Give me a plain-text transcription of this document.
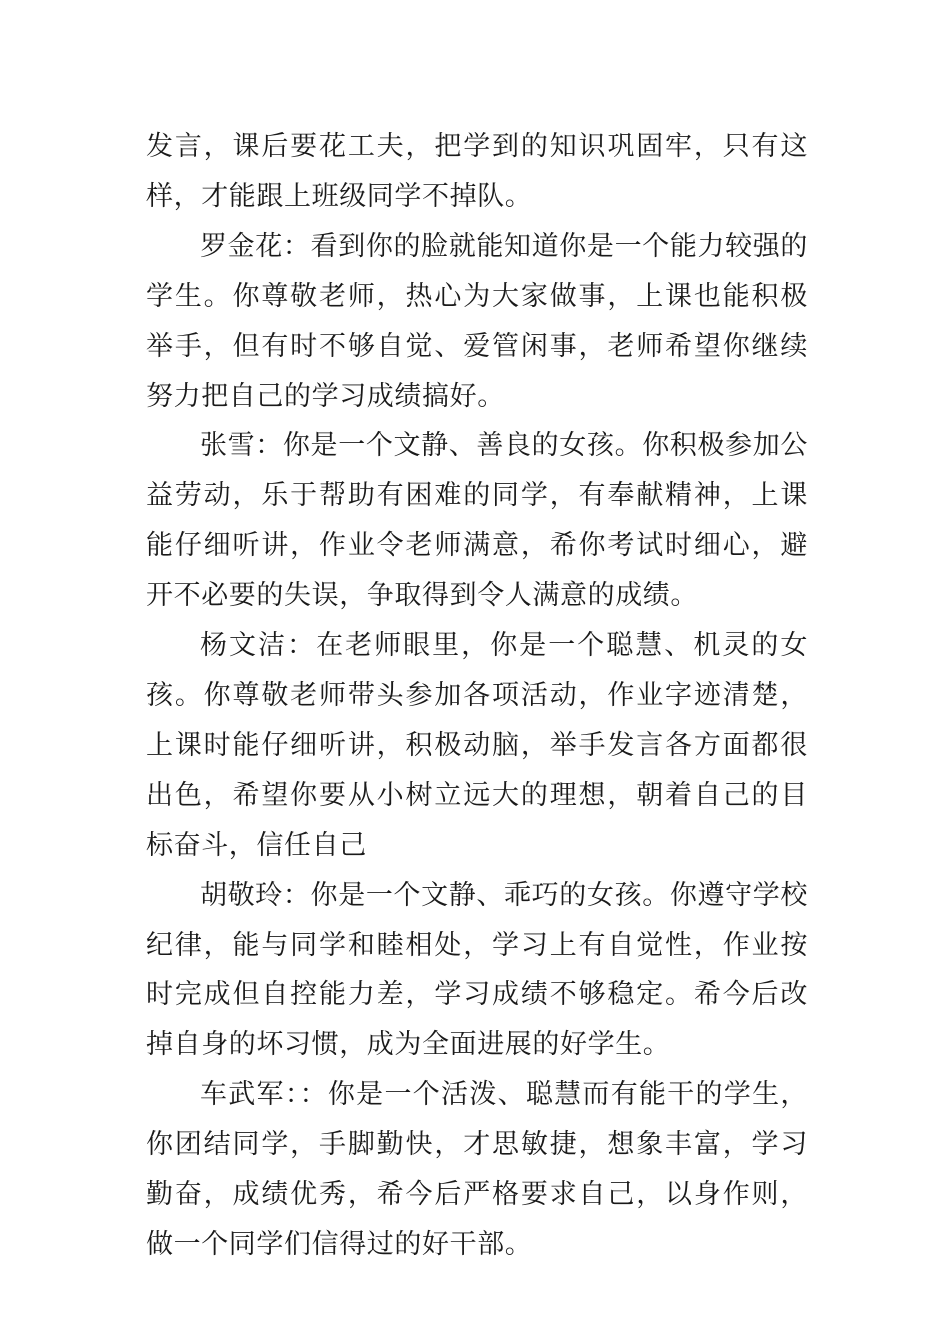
发言，课后要花工夫，把学到的知识巩固牢，只有这样，才能跟上班级同学不掉队。

罗金花：看到你的脸就能知道你是一个能力较强的学生。你尊敬老师，热心为大家做事，上课也能积极举手，但有时不够自觉、爱管闲事，老师希望你继续努力把自己的学习成绩搞好。

张雪：你是一个文静、善良的女孩。你积极参加公益劳动，乐于帮助有困难的同学，有奉献精神，上课能仔细听讲，作业令老师满意，希你考试时细心，避开不必要的失误，争取得到令人满意的成绩。

杨文洁：在老师眼里，你是一个聪慧、机灵的女孩。你尊敬老师带头参加各项活动，作业字迹清楚，上课时能仔细听讲，积极动脑，举手发言各方面都很出色，希望你要从小树立远大的理想，朝着自己的目标奋斗，信任自己

胡敬玲：你是一个文静、乖巧的女孩。你遵守学校纪律，能与同学和睦相处，学习上有自觉性，作业按时完成但自控能力差，学习成绩不够稳定。希今后改掉自身的坏习惯，成为全面进展的好学生。

车武军：：你是一个活泼、聪慧而有能干的学生，你团结同学，手脚勤快，才思敏捷，想象丰富，学习勤奋，成绩优秀，希今后严格要求自己，以身作则，做一个同学们信得过的好干部。
